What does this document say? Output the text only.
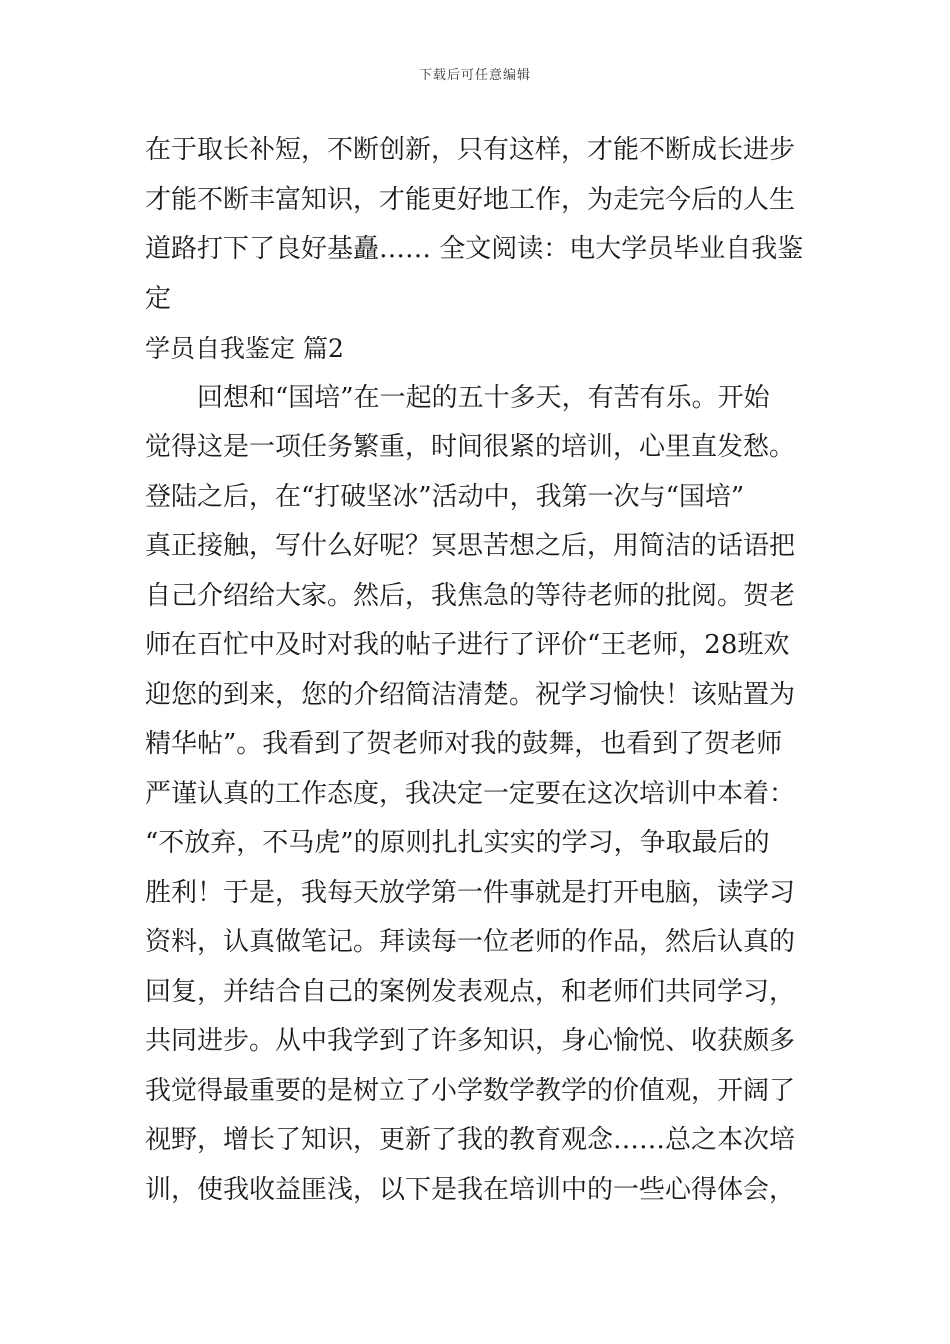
下载后可任意编辑
在于取长补短，不断创新，只有这样，才能不断成长进步
才能不断丰富知识，才能更好地工作，为走完今后的人生
道路打下了良好基矗…… 全文阅读：电大学员毕业自我鉴
定
学员自我鉴定 篇2
回想和“国培”在一起的五十多天，有苦有乐。开始
觉得这是一项任务繁重，时间很紧的培训，心里直发愁。
登陆之后，在“打破坚冰”活动中，我第一次与“国培”
真正接触，写什么好呢？冥思苦想之后，用简洁的话语把
自己介绍给大家。然后，我焦急的等待老师的批阅。贺老
师在百忙中及时对我的帖子进行了评价“王老师，28班欢
迎您的到来，您的介绍简洁清楚。祝学习愉快！该贴置为
精华帖”。我看到了贺老师对我的鼓舞，也看到了贺老师
严谨认真的工作态度，我决定一定要在这次培训中本着：
“不放弃，不马虎”的原则扎扎实实的学习，争取最后的
胜利！于是，我每天放学第一件事就是打开电脑，读学习
资料，认真做笔记。拜读每一位老师的作品，然后认真的
回复，并结合自己的案例发表观点，和老师们共同学习，
共同进步。从中我学到了许多知识，身心愉悦、收获颇多
我觉得最重要的是树立了小学数学教学的价值观，开阔了
视野，增长了知识，更新了我的教育观念……总之本次培
训，使我收益匪浅，以下是我在培训中的一些心得体会，
